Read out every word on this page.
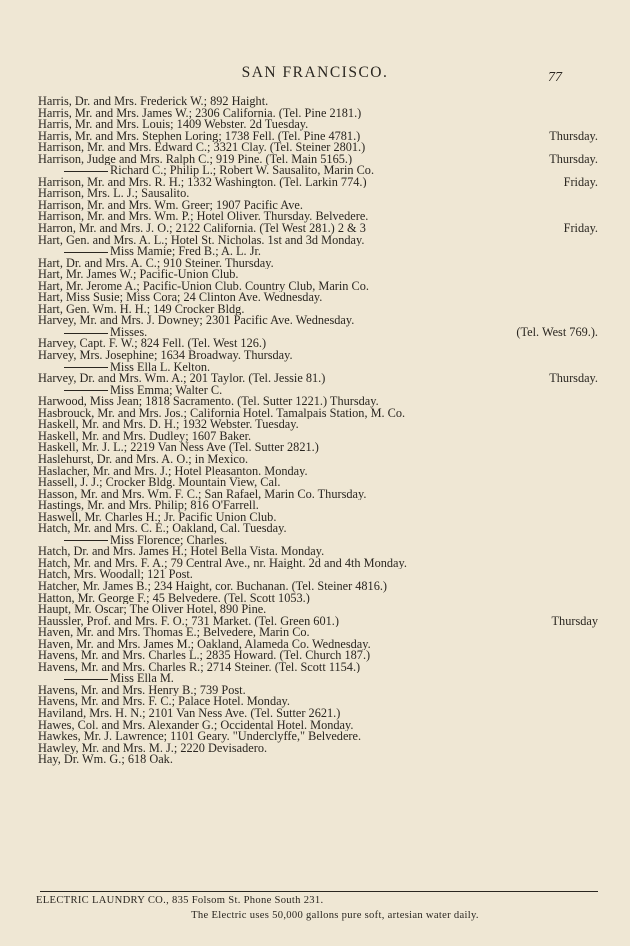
SAN FRANCISCO.	77
Harris, Dr. and Mrs. Frederick W.; 892 Haight.
Harris, Mr. and Mrs. James W.; 2306 California. (Tel. Pine 2181.)
Harris, Mr. and Mrs. Louis; 1409 Webster. 2d Tuesday.
Harris, Mr. and Mrs. Stephen Loring; 1738 Fell. (Tel. Pine 4781.)	Thursday.
Harrison, Mr. and Mrs. Edward C.; 3321 Clay. (Tel. Steiner 2801.)
Harrison, Judge and Mrs. Ralph C.; 919 Pine. (Tel. Main 5165.)	Thursday.
Richard C.; Philip L.; Robert W. Sausalito, Marin Co.
Harrison, Mr. and Mrs. R. H.; 1332 Washington. (Tel. Larkin 774.)	Friday.
Harrison, Mrs. L. J.; Sausalito.
Harrison, Mr. and Mrs. Wm. Greer; 1907 Pacific Ave.
Harrison, Mr. and Mrs. Wm. P.; Hotel Oliver. Thursday. Belvedere.
Harron, Mr. and Mrs. J. O.; 2122 California. (Tel West 281.) 2 & 3	Friday.
Hart, Gen. and Mrs. A. L.; Hotel St. Nicholas. 1st and 3d Monday.
Miss Mamie; Fred B.; A. L. Jr.
Hart, Dr. and Mrs. A. C.; 910 Steiner. Thursday.
Hart, Mr. James W.; Pacific-Union Club.
Hart, Mr. Jerome A.; Pacific-Union Club. Country Club, Marin Co.
Hart, Miss Susie; Miss Cora; 24 Clinton Ave. Wednesday.
Hart, Gen. Wm. H. H.; 149 Crocker Bldg.
Harvey, Mr. and Mrs. J. Downey; 2301 Pacific Ave. Wednesday.
Misses.	(Tel. West 769.).
Harvey, Capt. F. W.; 824 Fell. (Tel. West 126.)
Harvey, Mrs. Josephine; 1634 Broadway. Thursday.
Miss Ella L. Kelton.
Harvey, Dr. and Mrs. Wm. A.; 201 Taylor. (Tel. Jessie 81.)	Thursday.
Miss Emma; Walter C.
Harwood, Miss Jean; 1818 Sacramento. (Tel. Sutter 1221.) Thursday.
Hasbrouck, Mr. and Mrs. Jos.; California Hotel. Tamalpais Station, M. Co.
Haskell, Mr. and Mrs. D. H.; 1932 Webster. Tuesday.
Haskell, Mr. and Mrs. Dudley; 1607 Baker.
Haskell, Mr. J. L.; 2219 Van Ness Ave (Tel. Sutter 2821.)
Haslehurst, Dr. and Mrs. A. O.; in Mexico.
Haslacher, Mr. and Mrs. J.; Hotel Pleasanton. Monday.
Hassell, J. J.; Crocker Bldg. Mountain View, Cal.
Hasson, Mr. and Mrs. Wm. F. C.; San Rafael, Marin Co. Thursday.
Hastings, Mr. and Mrs. Philip; 816 O'Farrell.
Haswell, Mr. Charles H.; Jr. Pacific Union Club.
Hatch, Mr. and Mrs. C. E.; Oakland, Cal. Tuesday.
Miss Florence; Charles.
Hatch, Dr. and Mrs. James H.; Hotel Bella Vista. Monday.
Hatch, Mr. and Mrs. F. A.; 79 Central Ave., nr. Haight. 2d and 4th Monday.
Hatch, Mrs. Woodall; 121 Post.
Hatcher, Mr. James B.; 234 Haight, cor. Buchanan. (Tel. Steiner 4816.)
Hatton, Mr. George F.; 45 Belvedere. (Tel. Scott 1053.)
Haupt, Mr. Oscar; The Oliver Hotel, 890 Pine.
Haussler, Prof. and Mrs. F. O.; 731 Market. (Tel. Green 601.)	Thursday
Haven, Mr. and Mrs. Thomas E.; Belvedere, Marin Co.
Haven, Mr. and Mrs. James M.; Oakland, Alameda Co. Wednesday.
Havens, Mr. and Mrs. Charles L.; 2835 Howard. (Tel. Church 187.)
Havens, Mr. and Mrs. Charles R.; 2714 Steiner. (Tel. Scott 1154.)
Miss Ella M.
Havens, Mr. and Mrs. Henry B.; 739 Post.
Havens, Mr. and Mrs. F. C.; Palace Hotel. Monday.
Haviland, Mrs. H. N.; 2101 Van Ness Ave. (Tel. Sutter 2621.)
Hawes, Col. and Mrs. Alexander G.; Occidental Hotel. Monday.
Hawkes, Mr. J. Lawrence; 1101 Geary. "Underclyffe," Belvedere.
Hawley, Mr. and Mrs. M. J.; 2220 Devisadero.
Hay, Dr. Wm. G.; 618 Oak.
ELECTRIC LAUNDRY CO., 835 Folsom St. Phone South 231.
The Electric uses 50,000 gallons pure soft, artesian water daily.
